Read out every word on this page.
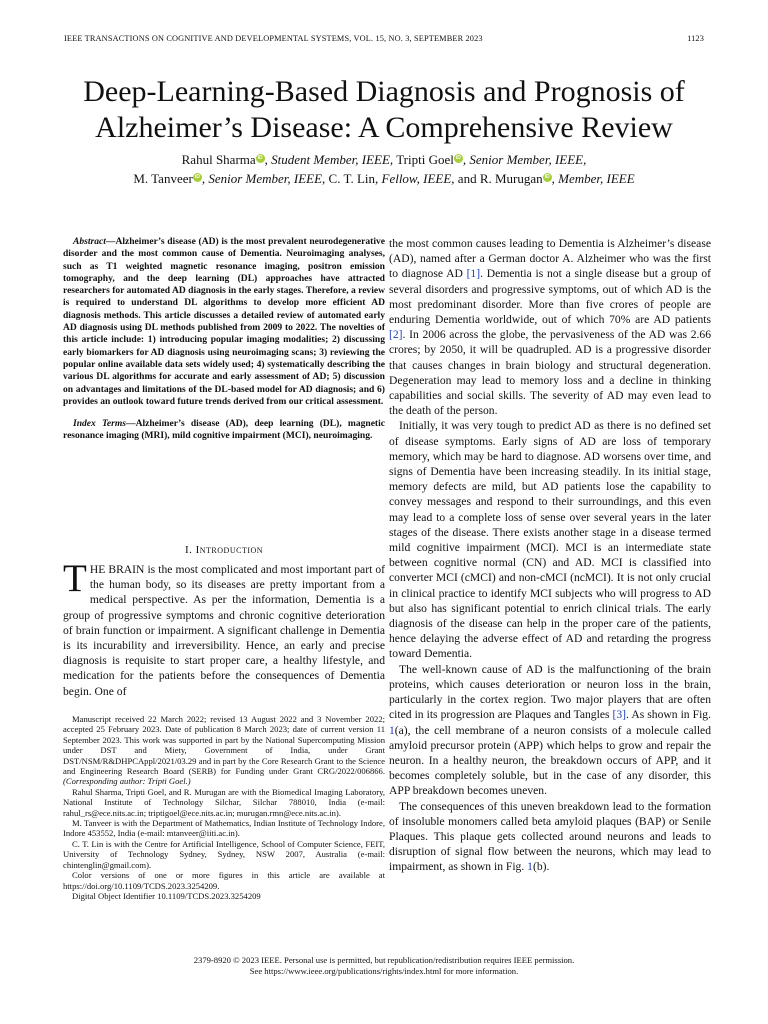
IEEE TRANSACTIONS ON COGNITIVE AND DEVELOPMENTAL SYSTEMS, VOL. 15, NO. 3, SEPTEMBER 2023	1123
Deep-Learning-Based Diagnosis and Prognosis of
Alzheimer’s Disease: A Comprehensive Review
Rahul Sharma iD , Student Member, IEEE, Tripti Goel iD , Senior Member, IEEE,
M. Tanveer iD , Senior Member, IEEE, C. T. Lin, Fellow, IEEE, and R. Murugan iD , Member, IEEE

Abstract—Alzheimer’s disease (AD) is the most prevalent neurodegenerative disorder and the most common cause of Dementia. Neuroimaging analyses, such as T1 weighted magnetic resonance imaging, positron emission tomography, and the deep learning (DL) approaches have attracted researchers for automated AD diagnosis in the early stages. Therefore, a review is required to understand DL algorithms to develop more efficient AD diagnosis methods. This article discusses a detailed review of automated early AD diagnosis using DL methods published from 2009 to 2022. The novelties of this article include: 1) introducing popular imaging modalities; 2) discussing early biomarkers for AD diagnosis using neuroimaging scans; 3) reviewing the popular online available data sets widely used; 4) systematically describing the various DL algorithms for accurate and early assessment of AD; 5) discussion on advantages and limitations of the DL-based model for AD diagnosis; and 6) provides an outlook toward future trends derived from our critical assessment.

Index Terms—Alzheimer’s disease (AD), deep learning (DL), magnetic resonance imaging (MRI), mild cognitive impairment (MCI), neuroimaging.

I. Introduction

THE BRAIN is the most complicated and most important part of the human body, so its diseases are pretty important from a medical perspective. As per the information, Dementia is a group of progressive symptoms and chronic cognitive deterioration of brain function or impairment. A significant challenge in Dementia is its incurability and irreversibility. Hence, an early and precise diagnosis is requisite to start proper care, a healthy lifestyle, and medication for the patients before the consequences of Dementia begin. One of

Manuscript received 22 March 2022; revised 13 August 2022 and 3 November 2022; accepted 25 February 2023. Date of publication 8 March 2023; date of current version 11 September 2023. This work was supported in part by the National Supercomputing Mission under DST and Miety, Government of India, under Grant DST/NSM/R&DHPCAppl/2021/03.29 and in part by the Core Research Grant to the Science and Engineering Research Board (SERB) for Funding under Grant CRG/2022/006866. (Corresponding author: Tripti Goel.)

Rahul Sharma, Tripti Goel, and R. Murugan are with the Biomedical Imaging Laboratory, National Institute of Technology Silchar, Silchar 788010, India (e-mail: rahul_rs@ece.nits.ac.in; triptigoel@ece.nits.ac.in; murugan.rmn@ece.nits.ac.in).

M. Tanveer is with the Department of Mathematics, Indian Institute of Technology Indore, Indore 453552, India (e-mail: mtanveer@iiti.ac.in).

C. T. Lin is with the Centre for Artificial Intelligence, School of Computer Science, FEIT, University of Technology Sydney, Sydney, NSW 2007, Australia (e-mail: chintenglin@gmail.com).

Color versions of one or more figures in this article are available at https://doi.org/10.1109/TCDS.2023.3254209.

Digital Object Identifier 10.1109/TCDS.2023.3254209

the most common causes leading to Dementia is Alzheimer’s disease (AD), named after a German doctor A. Alzheimer who was the first to diagnose AD [1]. Dementia is not a single disease but a group of several disorders and progressive symptoms, out of which AD is the most predominant disorder. More than five crores of people are enduring Dementia worldwide, out of which 70% are AD patients [2]. In 2006 across the globe, the pervasiveness of the AD was 2.66 crores; by 2050, it will be quadrupled. AD is a progressive disorder that causes changes in brain biology and structural degeneration. Degeneration may lead to memory loss and a decline in thinking capabilities and social skills. The severity of AD may even lead to the death of the person.

Initially, it was very tough to predict AD as there is no defined set of disease symptoms. Early signs of AD are loss of temporary memory, which may be hard to diagnose. AD worsens over time, and signs of Dementia have been increasing steadily. In its initial stage, memory defects are mild, but AD patients lose the capability to convey messages and respond to their surroundings, and this even may lead to a complete loss of sense over several years in the later stages of the disease. There exists another stage in a disease termed mild cognitive impairment (MCI). MCI is an intermediate state between cognitive normal (CN) and AD. MCI is classified into converter MCI (cMCI) and non-cMCI (ncMCI). It is not only crucial in clinical practice to identify MCI subjects who will progress to AD but also has significant potential to enrich clinical trials. The early diagnosis of the disease can help in the proper care of the patients, hence delaying the adverse effect of AD and retarding the progress toward Dementia.

The well-known cause of AD is the malfunctioning of the brain proteins, which causes deterioration or neuron loss in the brain, particularly in the cortex region. Two major players that are often cited in its progression are Plaques and Tangles [3]. As shown in Fig. 1(a), the cell membrane of a neuron consists of a molecule called amyloid precursor protein (APP) which helps to grow and repair the neuron. In a healthy neuron, the breakdown occurs of APP, and it becomes completely soluble, but in the case of any disorder, this APP breakdown becomes uneven.

The consequences of this uneven breakdown lead to the formation of insoluble monomers called beta amyloid plaques (BAP) or Senile Plaques. This plaque gets collected around neurons and leads to disruption of signal flow between the neurons, which may lead to impairment, as shown in Fig. 1(b).

2379-8920 © 2023 IEEE. Personal use is permitted, but republication/redistribution requires IEEE permission.
See https://www.ieee.org/publications/rights/index.html for more information.
